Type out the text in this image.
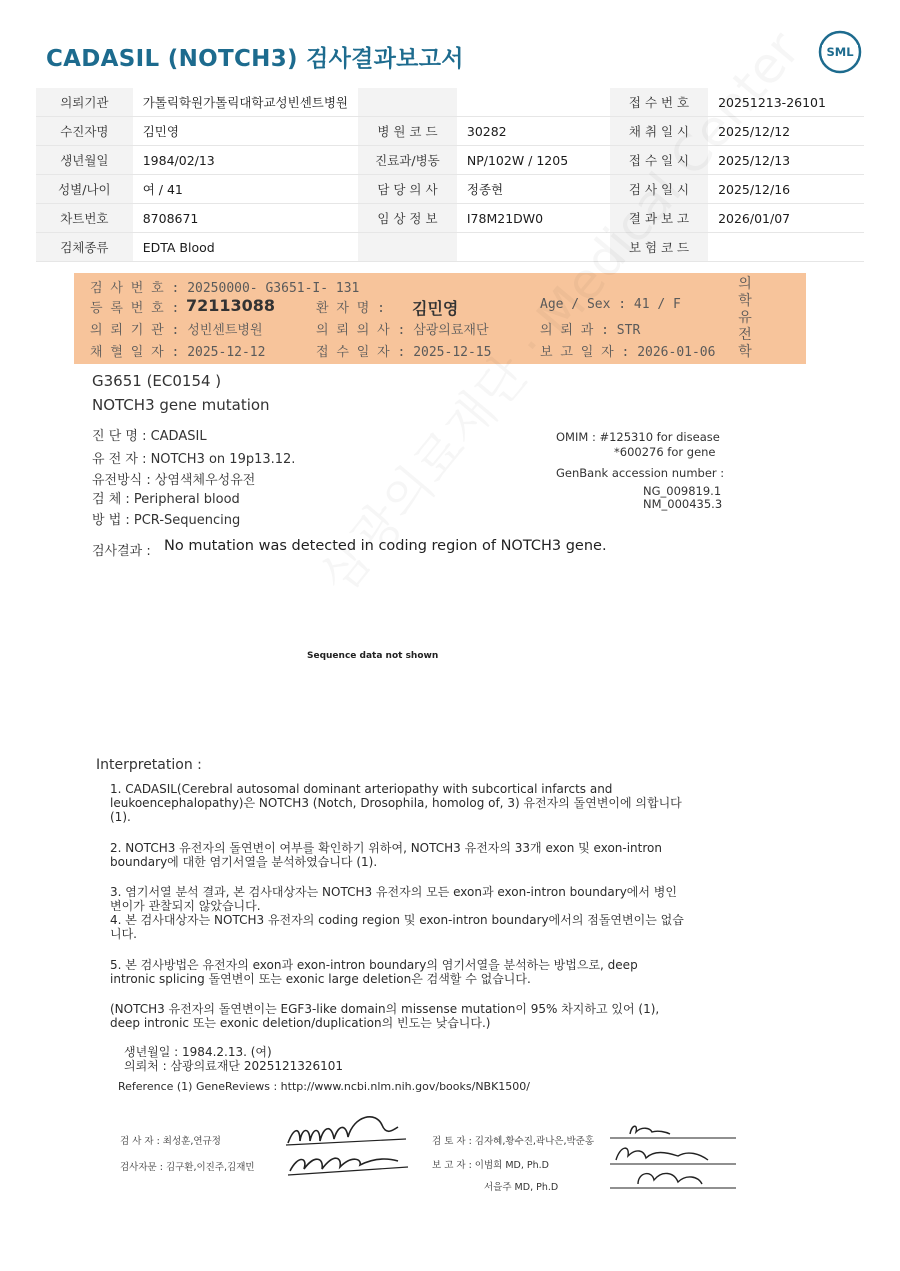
CADASIL (NOTCH3) 검사결과보고서	SML
의뢰기관	가톨릭학원가톨릭대학교성빈센트병원			접 수 번 호	20251213-26101
수진자명	김민영	병 원 코 드	30282	채 취 일 시	2025/12/12
생년월일	1984/02/13	진료과/병동	NP/102W / 1205	접 수 일 시	2025/12/13
성별/나이	여 / 41	담 당 의 사	정종현	검 사 일 시	2025/12/16
차트번호	8708671	임 상 정 보	I78M21DW0	결 과 보 고	2026/01/07
검체종류	EDTA Blood			보 험 코 드	
검 사 번 호 : 20250000- G3651-I- 131
등 록 번 호 : 72113088	환 자 명 : 김민영	Age / Sex : 41 / F
의 뢰 기 관 : 성빈센트병원	의 뢰 의 사 : 삼광의료재단	의 뢰 과 : STR
채 혈 일 자 : 2025-12-12	접 수 일 자 : 2025-12-15	보 고 일 자 : 2026-01-06
의
학
유
전
학
G3651 (EC0154 )
NOTCH3 gene mutation
진 단 명 : CADASIL
유 전 자 : NOTCH3 on 19p13.12.
유전방식 : 상염색체우성유전
검 체 : Peripheral blood
방 법 : PCR-Sequencing
OMIM : #125310 for disease
*600276 for gene
GenBank accession number :
NG_009819.1
NM_000435.3
검사결과 : No mutation was detected in coding region of NOTCH3 gene.
Sequence data not shown
Interpretation :
1. CADASIL(Cerebral autosomal dominant arteriopathy with subcortical infarcts and
leukoencephalopathy)은 NOTCH3 (Notch, Drosophila, homolog of, 3) 유전자의 돌연변이에 의합니다
(1).
2. NOTCH3 유전자의 돌연변이 여부를 확인하기 위하여, NOTCH3 유전자의 33개 exon 및 exon-intron
boundary에 대한 염기서열을 분석하였습니다 (1).
3. 염기서열 분석 결과, 본 검사대상자는 NOTCH3 유전자의 모든 exon과 exon-intron boundary에서 병인
변이가 관찰되지 않았습니다.
4. 본 검사대상자는 NOTCH3 유전자의 coding region 및 exon-intron boundary에서의 점돌연변이는 없습
니다.
5. 본 검사방법은 유전자의 exon과 exon-intron boundary의 염기서열을 분석하는 방법으로, deep
intronic splicing 돌연변이 또는 exonic large deletion은 검색할 수 없습니다.
(NOTCH3 유전자의 돌연변이는 EGF3-like domain의 missense mutation이 95% 차지하고 있어 (1),
deep intronic 또는 exonic deletion/duplication의 빈도는 낮습니다.)
생년월일 : 1984.2.13. (여)
의뢰처 : 삼광의료재단 2025121326101
Reference (1) GeneReviews : http://www.ncbi.nlm.nih.gov/books/NBK1500/
검 사 자 : 최성훈,연규정
검사자문 : 김구환,이진주,김재민
검 토 자 : 김자혜,황수진,곽나은,박준홍
보 고 자 : 이범희 MD, Ph.D
서을주 MD, Ph.D
